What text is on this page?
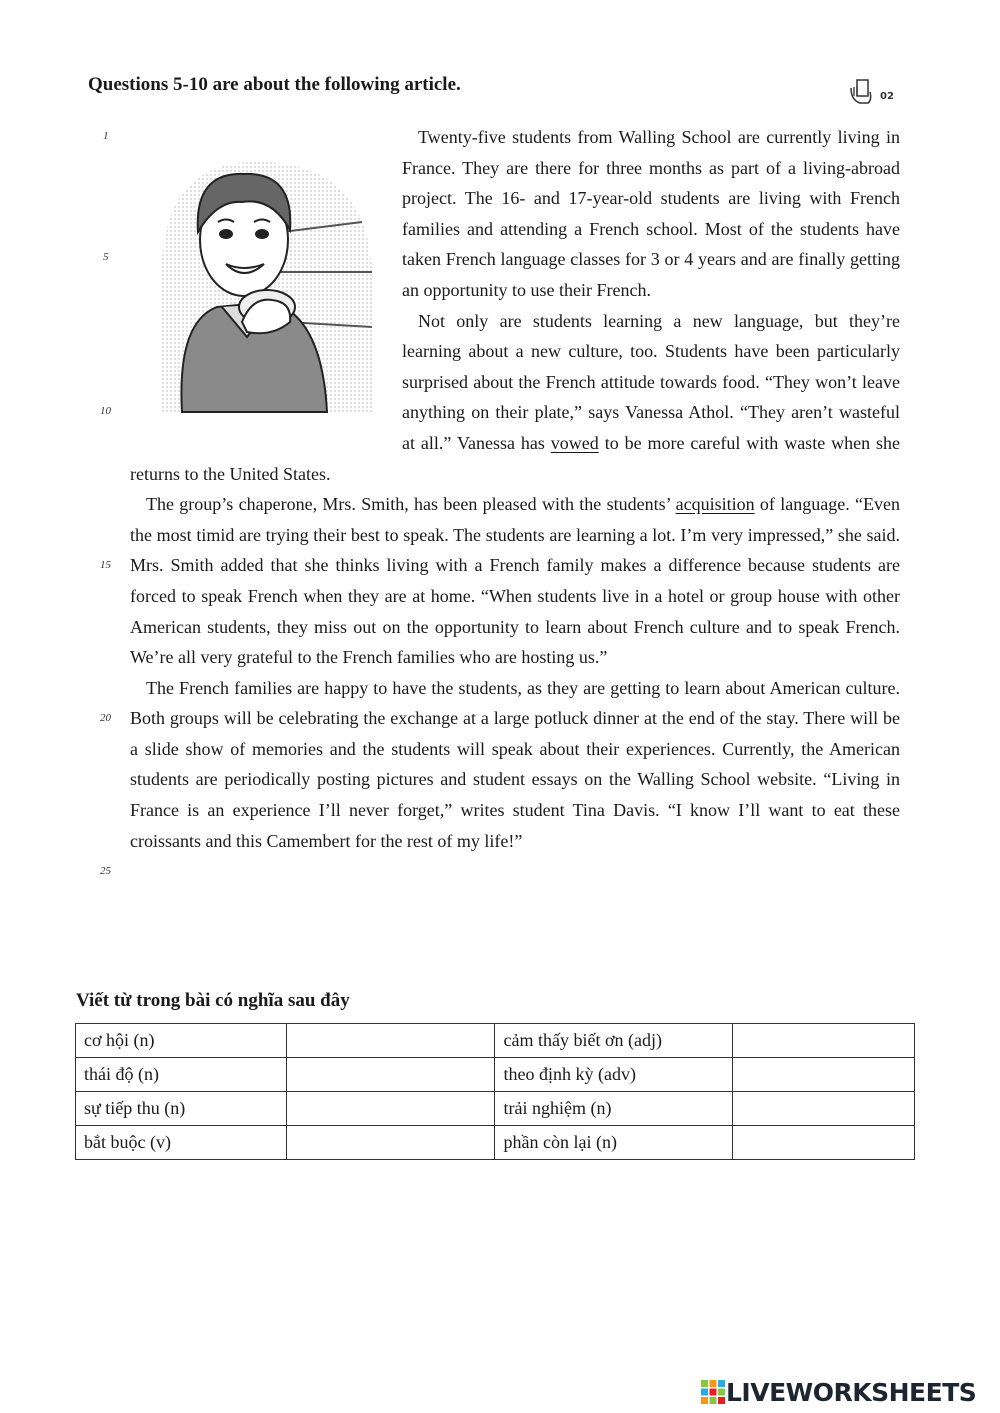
Questions 5-10 are about the following article.
02
1
5
10
15
20
25

Twenty-five students from Walling School are currently living in France. They are there for three months as part of a living-abroad project. The 16- and 17-year-old students are living with French families and attending a French school. Most of the students have taken French language classes for 3 or 4 years and are finally getting an opportunity to use their French.

Not only are students learning a new language, but they’re learning about a new culture, too. Students have been particularly surprised about the French attitude towards food. “They won’t leave anything on their plate,” says Vanessa Athol. “They aren’t wasteful at all.” Vanessa has vowed to be more careful with waste when she returns to the United States.

The group’s chaperone, Mrs. Smith, has been pleased with the students’ acquisition of language. “Even the most timid are trying their best to speak. The students are learning a lot. I’m very impressed,” she said. Mrs. Smith added that she thinks living with a French family makes a difference because students are forced to speak French when they are at home. “When students live in a hotel or group house with other American students, they miss out on the opportunity to learn about French culture and to speak French. We’re all very grateful to the French families who are hosting us.”

The French families are happy to have the students, as they are getting to learn about American culture. Both groups will be celebrating the exchange at a large potluck dinner at the end of the stay. There will be a slide show of memories and the students will speak about their experiences. Currently, the American students are periodically posting pictures and student essays on the Walling School website. “Living in France is an experience I’ll never forget,” writes student Tina Davis. “I know I’ll want to eat these croissants and this Camembert for the rest of my life!”

Viết từ trong bài có nghĩa sau đây
cơ hội (n)		cảm thấy biết ơn (adj)	
thái độ (n)		theo định kỳ (adv)	
sự tiếp thu (n)		trải nghiệm (n)	
bắt buộc (v)		phần còn lại (n)	
LIVEWORKSHEETS
